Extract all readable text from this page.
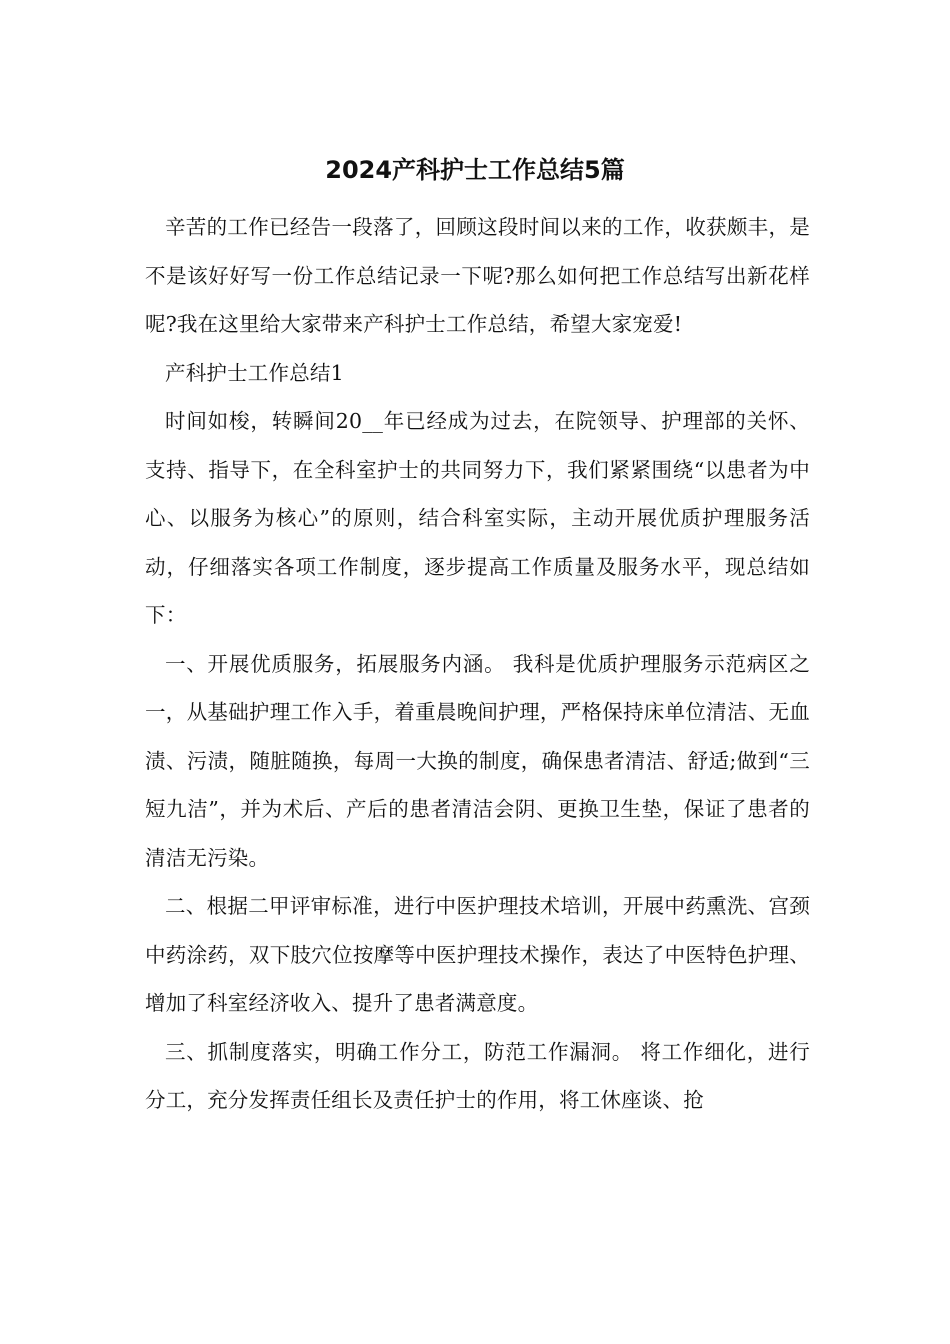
2024产科护士工作总结5篇

辛苦的工作已经告一段落了，回顾这段时间以来的工作，收获颇丰，是不是该好好写一份工作总结记录一下呢?那么如何把工作总结写出新花样呢?我在这里给大家带来产科护士工作总结，希望大家宠爱!

产科护士工作总结1

时间如梭，转瞬间20__年已经成为过去，在院领导、护理部的关怀、支持、指导下，在全科室护士的共同努力下，我们紧紧围绕“以患者为中心、以服务为核心”的原则，结合科室实际，主动开展优质护理服务活动，仔细落实各项工作制度，逐步提高工作质量及服务水平，现总结如下：

一、开展优质服务，拓展服务内涵。 我科是优质护理服务示范病区之一，从基础护理工作入手，着重晨晚间护理，严格保持床单位清洁、无血渍、污渍，随脏随换，每周一大换的制度，确保患者清洁、舒适;做到“三短九洁”，并为术后、产后的患者清洁会阴、更换卫生垫，保证了患者的清洁无污染。

二、根据二甲评审标准，进行中医护理技术培训，开展中药熏洗、宫颈中药涂药，双下肢穴位按摩等中医护理技术操作，表达了中医特色护理、增加了科室经济收入、提升了患者满意度。

三、抓制度落实，明确工作分工，防范工作漏洞。 将工作细化，进行分工，充分发挥责任组长及责任护士的作用，将工休座谈、抢
